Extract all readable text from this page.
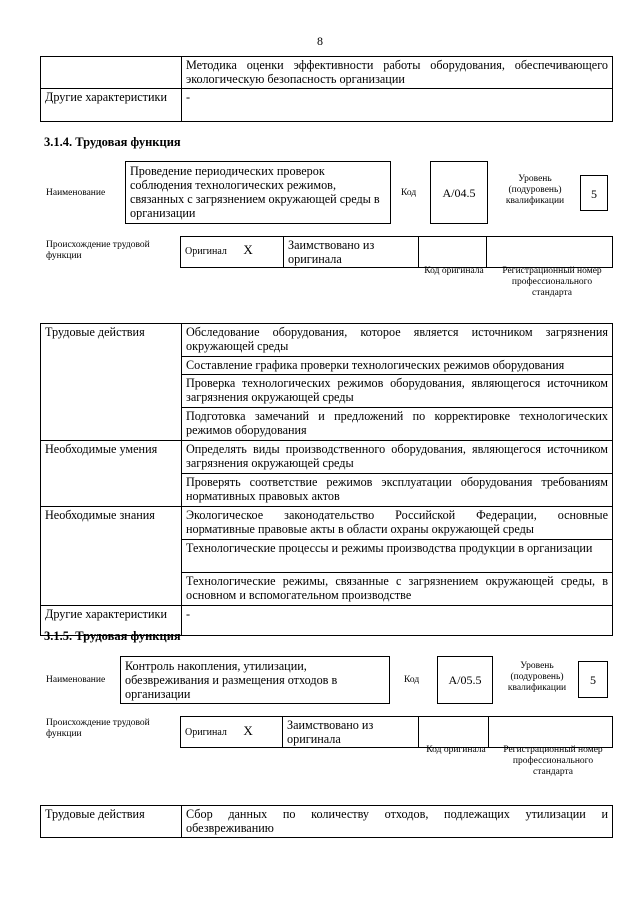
8
	Методика оценки эффективности работы оборудования, обеспечивающего экологическую безопасность организации
Другие характеристики	-
3.1.4. Трудовая функция
Наименование
Проведение периодических проверок соблюдения технологических режимов, связанных с загрязнением окружающей среды в организации
Код	A/04.5
Уровень (подуровень) квалификации	5
Происхождение трудовой функции	Оригинал X	Заимствовано из оригинала		
Код оригинала	Регистрационный номер профессионального стандарта
Трудовые действия	Обследование оборудования, которое является источником загрязнения окружающей среды
Составление графика проверки технологических режимов оборудования
Проверка технологических режимов оборудования, являющегося источником загрязнения окружающей среды
Подготовка замечаний и предложений по корректировке технологических режимов оборудования

Необходимые умения	Определять виды производственного оборудования, являющегося источником загрязнения окружающей среды
Проверять соответствие режимов эксплуатации оборудования требованиям нормативных правовых актов

Необходимые знания	Экологическое законодательство Российской Федерации, основные нормативные правовые акты в области охраны окружающей среды
Технологические процессы и режимы производства продукции в организации
Технологические режимы, связанные с загрязнением окружающей среды, в основном и вспомогательном производстве

Другие характеристики	-
3.1.5. Трудовая функция
Наименование
Контроль накопления, утилизации, обезвреживания и размещения отходов в организации
Код	A/05.5
Уровень (подуровень) квалификации
5
Происхождение трудовой функции	Оригинал X	Заимствовано из оригинала		
Код оригинала	Регистрационный номер профессионального стандарта
Трудовые действия	Сбор данных по количеству отходов, подлежащих утилизации и обезвреживанию
